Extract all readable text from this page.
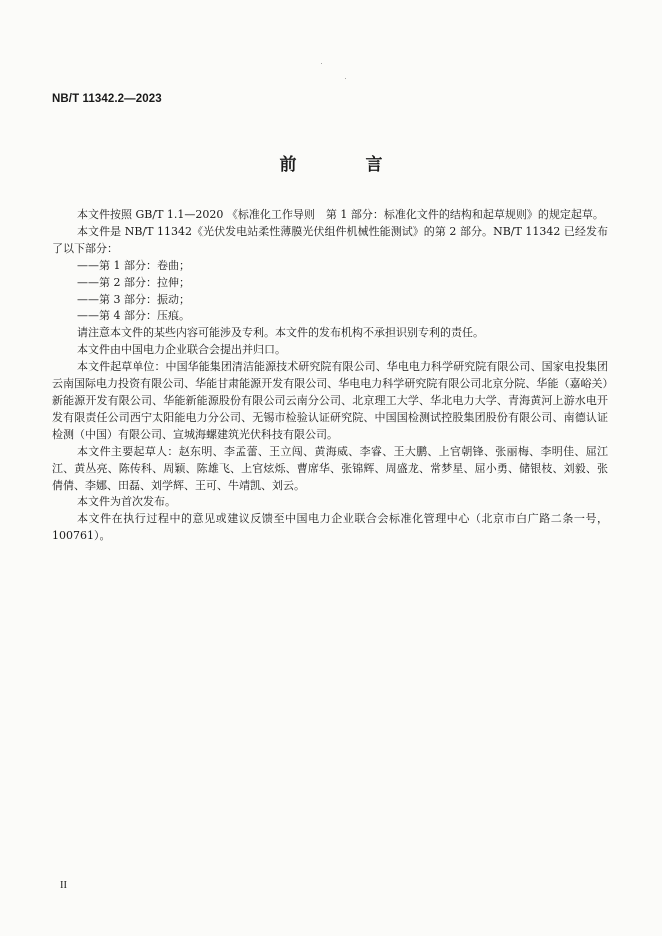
NB/T 11342.2—2023
前　言

本文件按照 GB/T 1.1—2020 《标准化工作导则　第 1 部分：标准化文件的结构和起草规则》的规定起草。

本文件是 NB/T 11342《光伏发电站柔性薄膜光伏组件机械性能测试》的第 2 部分。NB/T 11342 已经发布了以下部分：

——第 1 部分：卷曲；

——第 2 部分：拉伸；

——第 3 部分：振动；

——第 4 部分：压痕。

请注意本文件的某些内容可能涉及专利。本文件的发布机构不承担识别专利的责任。

本文件由中国电力企业联合会提出并归口。

本文件起草单位：中国华能集团清洁能源技术研究院有限公司、华电电力科学研究院有限公司、国家电投集团云南国际电力投资有限公司、华能甘肃能源开发有限公司、华电电力科学研究院有限公司北京分院、华能（嘉峪关）新能源开发有限公司、华能新能源股份有限公司云南分公司、北京理工大学、华北电力大学、青海黄河上游水电开发有限责任公司西宁太阳能电力分公司、无锡市检验认证研究院、中国国检测试控股集团股份有限公司、南德认证检测（中国）有限公司、宣城海螺建筑光伏科技有限公司。

本文件主要起草人：赵东明、李孟蕾、王立闯、黄海威、李睿、王大鹏、上官朝锋、张丽梅、李明佳、屈江江、黄丛亮、陈传科、周颖、陈雄飞、上官炫烁、曹席华、张锦辉、周盛龙、常梦星、屈小勇、储银枝、刘毅、张倩倩、李娜、田磊、刘学辉、王可、牛靖凯、刘云。

本文件为首次发布。

本文件在执行过程中的意见或建议反馈至中国电力企业联合会标准化管理中心（北京市白广路二条一号，100761）。

II
